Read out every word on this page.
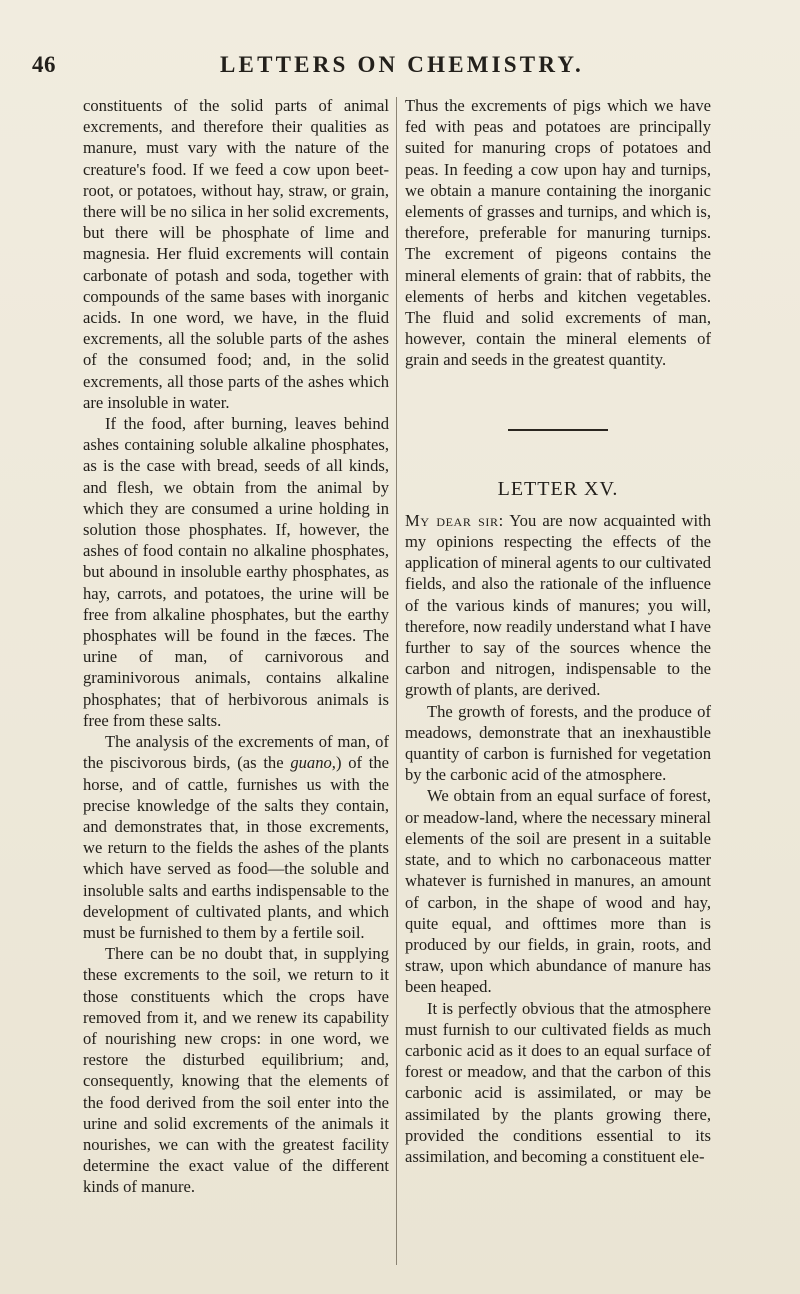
46	LETTERS ON CHEMISTRY.

constituents of the solid parts of animal excrements, and therefore their qualities as manure, must vary with the nature of the creature's food. If we feed a cow upon beet-root, or potatoes, without hay, straw, or grain, there will be no silica in her solid excrements, but there will be phosphate of lime and magnesia. Her fluid excrements will contain carbonate of potash and soda, together with compounds of the same bases with inorganic acids. In one word, we have, in the fluid excrements, all the soluble parts of the ashes of the consumed food; and, in the solid excrements, all those parts of the ashes which are insoluble in water.

If the food, after burning, leaves behind ashes containing soluble alkaline phosphates, as is the case with bread, seeds of all kinds, and flesh, we obtain from the animal by which they are consumed a urine holding in solution those phosphates. If, however, the ashes of food contain no alkaline phosphates, but abound in insoluble earthy phosphates, as hay, carrots, and potatoes, the urine will be free from alkaline phosphates, but the earthy phosphates will be found in the fæces. The urine of man, of carnivorous and graminivorous animals, contains alkaline phosphates; that of herbivorous animals is free from these salts.

The analysis of the excrements of man, of the piscivorous birds, (as the guano,) of the horse, and of cattle, furnishes us with the precise knowledge of the salts they contain, and demonstrates that, in those excrements, we return to the fields the ashes of the plants which have served as food—the soluble and insoluble salts and earths indispensable to the development of cultivated plants, and which must be furnished to them by a fertile soil.

There can be no doubt that, in supplying these excrements to the soil, we return to it those constituents which the crops have removed from it, and we renew its capability of nourishing new crops: in one word, we restore the disturbed equilibrium; and, consequently, knowing that the elements of the food derived from the soil enter into the urine and solid excrements of the animals it nourishes, we can with the greatest facility determine the exact value of the different kinds of manure.

Thus the excrements of pigs which we have fed with peas and potatoes are principally suited for manuring crops of potatoes and peas. In feeding a cow upon hay and turnips, we obtain a manure containing the inorganic elements of grasses and turnips, and which is, therefore, preferable for manuring turnips. The excrement of pigeons contains the mineral elements of grain: that of rabbits, the elements of herbs and kitchen vegetables. The fluid and solid excrements of man, however, contain the mineral elements of grain and seeds in the greatest quantity.

LETTER XV.

My dear sir: You are now acquainted with my opinions respecting the effects of the application of mineral agents to our cultivated fields, and also the rationale of the influence of the various kinds of manures; you will, therefore, now readily understand what I have further to say of the sources whence the carbon and nitrogen, indispensable to the growth of plants, are derived.

The growth of forests, and the produce of meadows, demonstrate that an inexhaustible quantity of carbon is furnished for vegetation by the carbonic acid of the atmosphere.

We obtain from an equal surface of forest, or meadow-land, where the necessary mineral elements of the soil are present in a suitable state, and to which no carbonaceous matter whatever is furnished in manures, an amount of carbon, in the shape of wood and hay, quite equal, and ofttimes more than is produced by our fields, in grain, roots, and straw, upon which abundance of manure has been heaped.

It is perfectly obvious that the atmosphere must furnish to our cultivated fields as much carbonic acid as it does to an equal surface of forest or meadow, and that the carbon of this carbonic acid is assimilated, or may be assimilated by the plants growing there, provided the conditions essential to its assimilation, and becoming a constituent ele-
